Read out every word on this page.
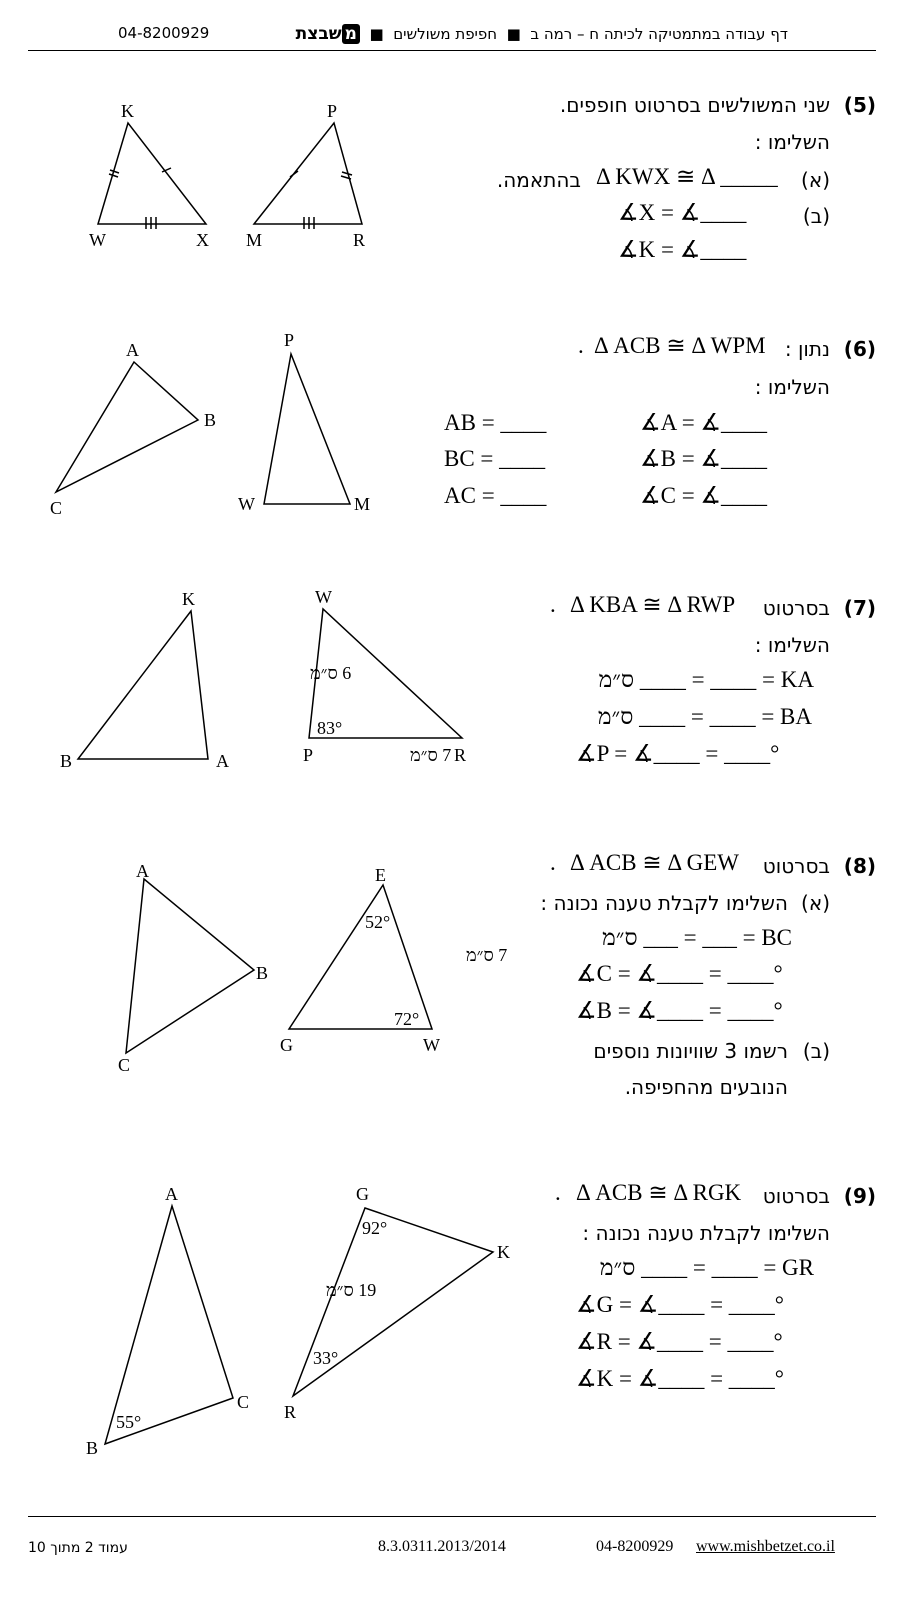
דף עבודה במתמטיקה לכיתה ח – רמה ב  ■  חפיפת משולשים  ■  משבצת
04-8200929
(5)
שני המשולשים בסרטוט חופפים.
השלימו :
(א)
Δ KWX ≅ Δ _____
בהתאמה.
(ב)
∡X = ∡____
∡K = ∡____
K
W	X
P
M	R
(6)
נתון :
Δ ACB ≅ Δ WPM
.
השלימו :
AB = ____
BC = ____
AC = ____
∡A = ∡____
∡B = ∡____
∡C = ∡____
A
B
C
P
W	M
(7)
בסרטוט
Δ KBA ≅ Δ RWP
.
השלימו :
KA = ____ = ____ ס״מ
BA = ____ = ____ ס״מ
∡P = ∡____ = ____°
K
B	A
W
P	R
6 ס״מ
7 ס״מ
83°
(8)
בסרטוט
Δ ACB ≅ Δ GEW
.
(א)
השלימו לקבלת טענה נכונה :
BC = ___ = ___ ס״מ
∡C = ∡____ = ____°
∡B = ∡____ = ____°
(ב)
רשמו 3 שוויונות נוספים
הנובעים מהחפיפה.
A
B
C
E
G	W
7 ס״מ
52°
72°
(9)
בסרטוט
Δ ACB ≅ Δ RGK
.
השלימו לקבלת טענה נכונה :
GR = ____ = ____ ס״מ
∡G = ∡____ = ____°
∡R = ∡____ = ____°
∡K = ∡____ = ____°
A
C
B
G
K
R
19 ס״מ
92°
33°
55°
עמוד 2 מתוך 10	8.3.0311.2013/2014	04-8200929 www.mishbetzet.co.il
